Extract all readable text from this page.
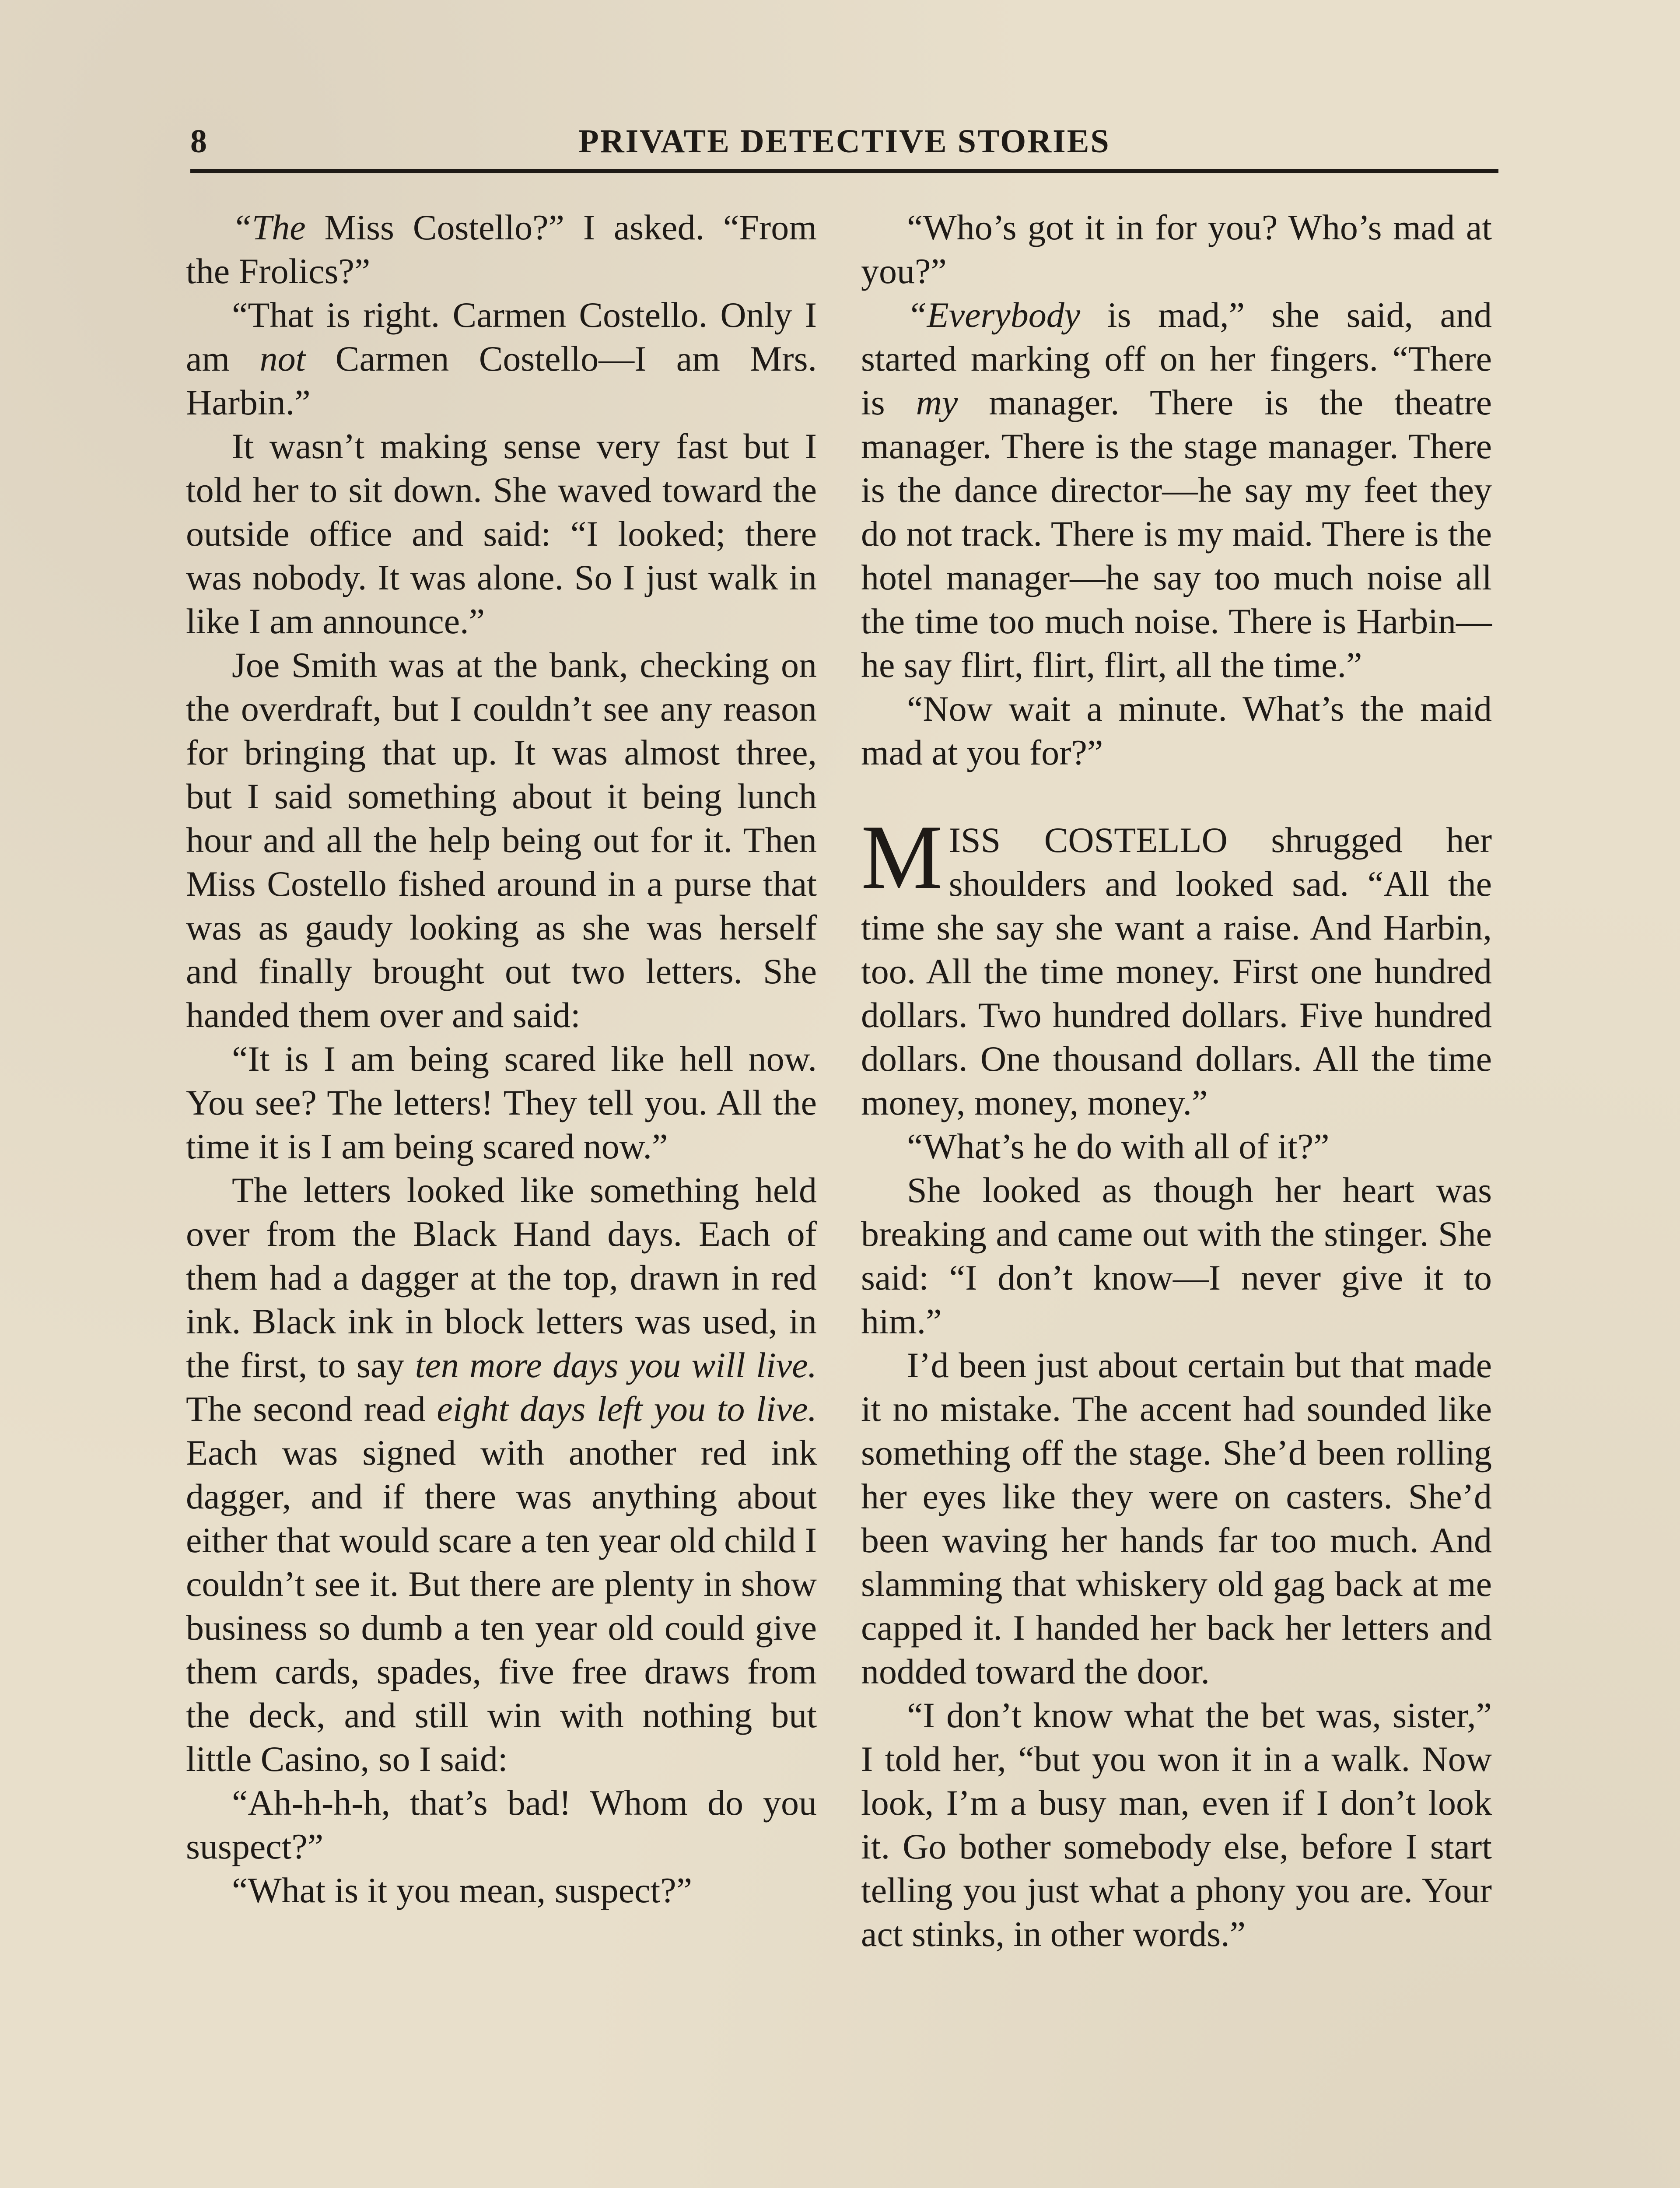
8	PRIVATE DETECTIVE STORIES

“The Miss Costello?” I asked. “From the Frolics?”

“That is right. Carmen Costello. Only I am not Carmen Costello—I am Mrs. Harbin.”

It wasn’t making sense very fast but I told her to sit down. She waved toward the outside office and said: “I looked; there was nobody. It was alone. So I just walk in like I am announce.”

Joe Smith was at the bank, checking on the overdraft, but I couldn’t see any reason for bringing that up. It was almost three, but I said something about it being lunch hour and all the help being out for it. Then Miss Costello fished around in a purse that was as gaudy looking as she was herself and finally brought out two letters. She handed them over and said:

“It is I am being scared like hell now. You see? The letters! They tell you. All the time it is I am being scared now.”

The letters looked like something held over from the Black Hand days. Each of them had a dagger at the top, drawn in red ink. Black ink in block letters was used, in the first, to say ten more days you will live. The second read eight days left you to live. Each was signed with another red ink dagger, and if there was anything about either that would scare a ten year old child I couldn’t see it. But there are plenty in show business so dumb a ten year old could give them cards, spades, five free draws from the deck, and still win with nothing but little Casino, so I said:

“Ah-h-h-h, that’s bad! Whom do you suspect?”

“What is it you mean, suspect?”

“Who’s got it in for you? Who’s mad at you?”

“Everybody is mad,” she said, and started marking off on her fingers. “There is my manager. There is the theatre manager. There is the stage manager. There is the dance director—he say my feet they do not track. There is my maid. There is the hotel manager—he say too much noise all the time too much noise. There is Harbin—he say flirt, flirt, flirt, all the time.”

“Now wait a minute. What’s the maid mad at you for?”

MISS COSTELLO shrugged her shoulders and looked sad. “All the time she say she want a raise. And Harbin, too. All the time money. First one hundred dollars. Two hundred dollars. Five hundred dollars. One thousand dollars. All the time money, money, money.”

“What’s he do with all of it?”

She looked as though her heart was breaking and came out with the stinger. She said: “I don’t know—I never give it to him.”

I’d been just about certain but that made it no mistake. The accent had sounded like something off the stage. She’d been rolling her eyes like they were on casters. She’d been waving her hands far too much. And slamming that whiskery old gag back at me capped it. I handed her back her letters and nodded toward the door.

“I don’t know what the bet was, sister,” I told her, “but you won it in a walk. Now look, I’m a busy man, even if I don’t look it. Go bother somebody else, before I start telling you just what a phony you are. Your act stinks, in other words.”
